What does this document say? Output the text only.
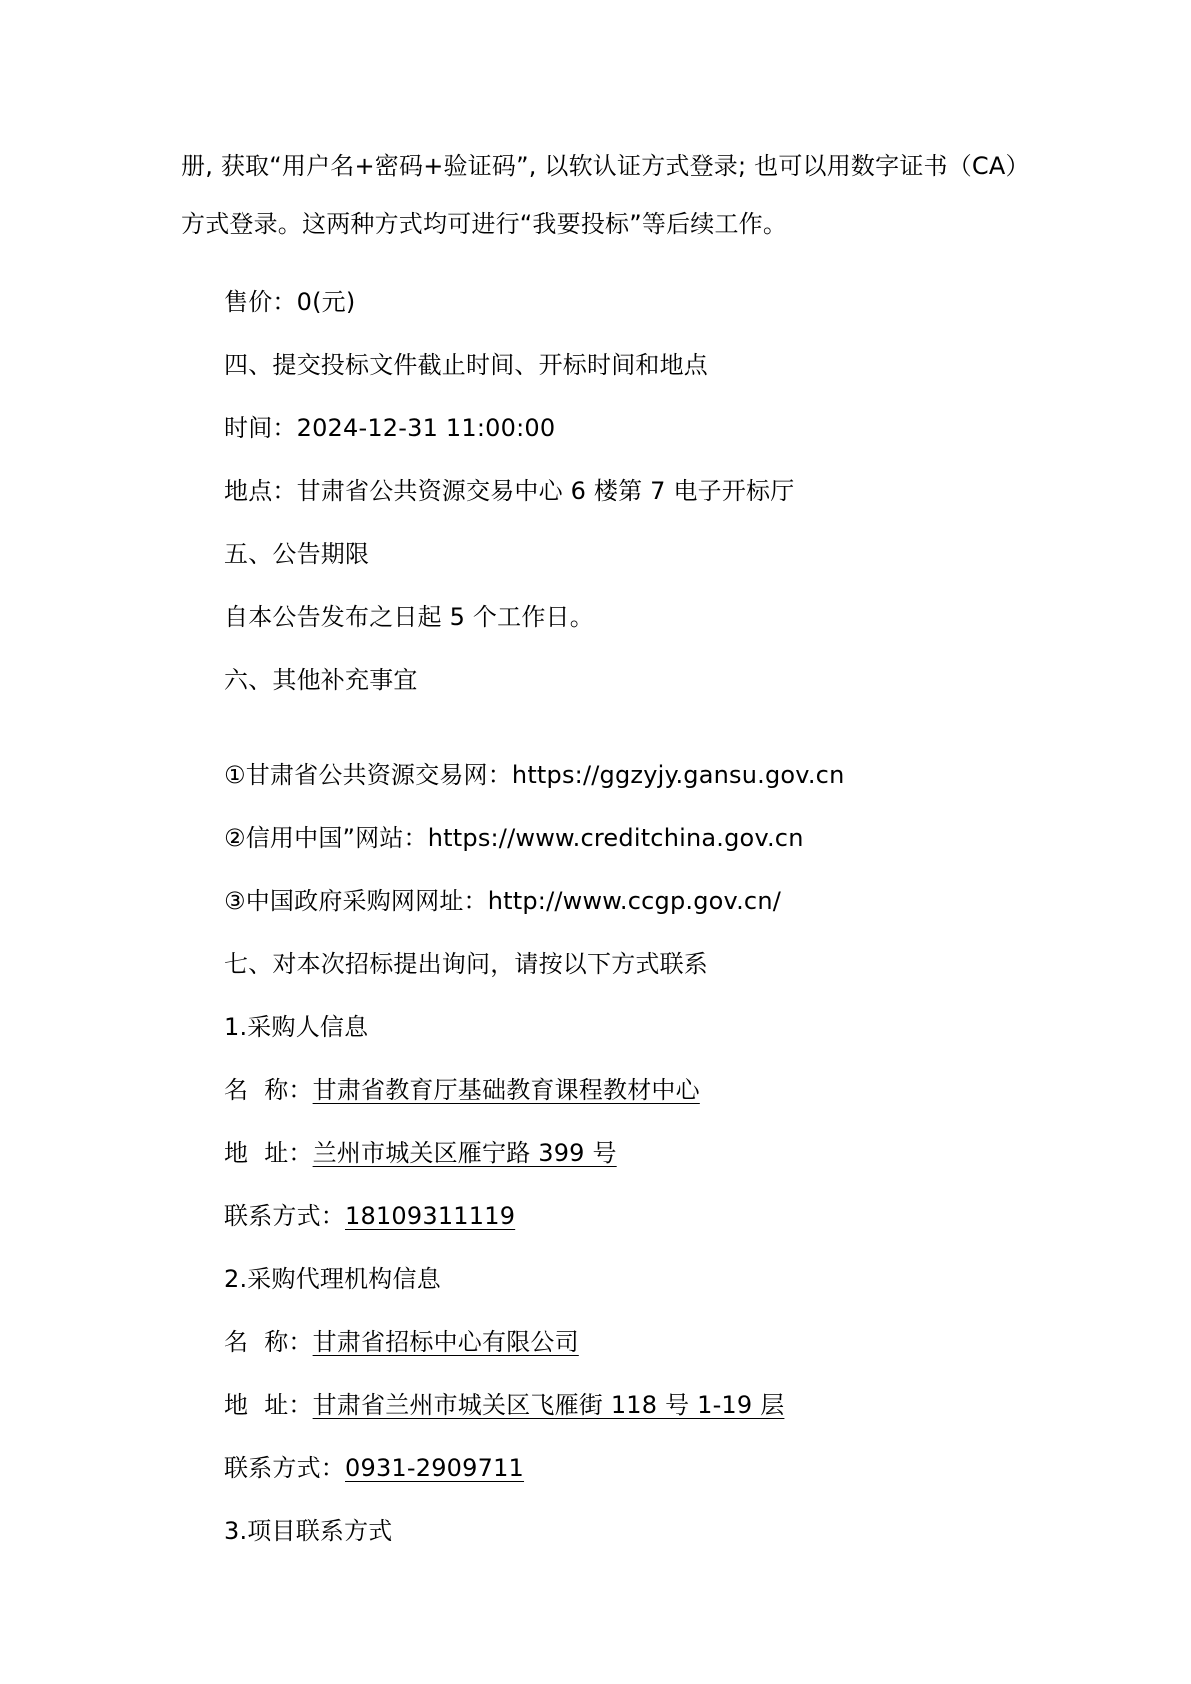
册, 获取“用户名+密码+验证码”, 以软认证方式登录; 也可以用数字证书（CA）
方式登录。这两种方式均可进行“我要投标”等后续工作。
售价：0(元)
四、提交投标文件截止时间、开标时间和地点
时间：2024-12-31 11:00:00
地点：甘肃省公共资源交易中心 6 楼第 7 电子开标厅
五、公告期限
自本公告发布之日起 5 个工作日。
六、其他补充事宜
①甘肃省公共资源交易网：https://ggzyjy.gansu.gov.cn
②信用中国”网站：https://www.creditchina.gov.cn
③中国政府采购网网址：http://www.ccgp.gov.cn/
七、对本次招标提出询问，请按以下方式联系
1.采购人信息
名 称：甘肃省教育厅基础教育课程教材中心
地 址：兰州市城关区雁宁路 399 号
联系方式：18109311119
2.采购代理机构信息
名 称：甘肃省招标中心有限公司
地 址：甘肃省兰州市城关区飞雁街 118 号 1-19 层
联系方式：0931-2909711
3.项目联系方式
